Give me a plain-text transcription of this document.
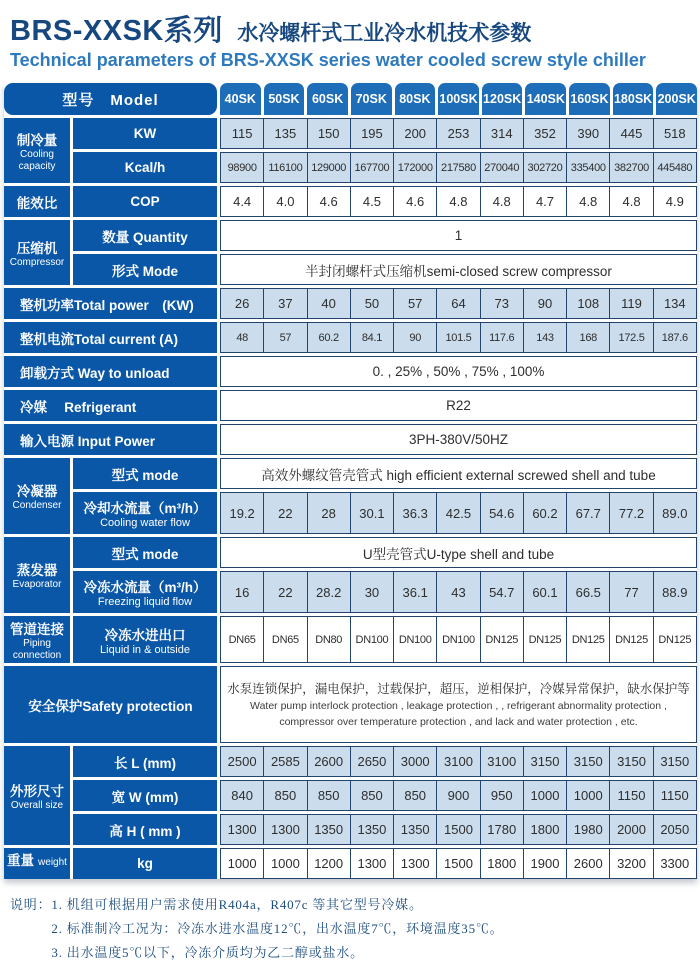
BRS-XXSK系列 水冷螺杆式工业冷水机技术参数
Technical parameters of BRS-XXSK series water cooled screw style chiller
型号　Model	40SK 50SK 60SK 70SK 80SK 100SK 120SK 140SK 160SK 180SK 200SK
制冷量
Cooling capacity
KW	115	135	150	195	200	253	314	352	390	445	518
Kcal/h	98900	116100 129000 167700 172000 217580 270040 302720 335400 382700 445480
能效比	COP	4.4	4.0	4.6	4.5	4.6	4.8	4.8	4.7	4.8	4.8	4.9
压缩机
Compressor
数量 Quantity	1
形式 Mode	半封闭螺杆式压缩机semi-closed screw compressor
整机功率Total power　(KW)	26	37	40	50	57	64	73	90	108	119	134
整机电流Total current (A)	48	57	60.2	84.1	90	101.5	117.6	143	168	172.5	187.6
卸载方式 Way to unload	0. , 25% , 50% , 75% , 100%
冷媒　 Refrigerant	R22
输入电源 Input Power	3PH-380V/50HZ
冷凝器
Condenser
型式 mode	高效外螺纹管壳管式 high efficient external screwed shell and tube
冷却水流量（m³/h）
Cooling water flow
19.2	22	28	30.1	36.3	42.5	54.6	60.2	67.7	77.2	89.0
蒸发器
Evaporator
型式 mode	U型壳管式U-type shell and tube
冷冻水流量（m³/h）
Freezing liquid flow
16	22	28.2	30	36.1	43	54.7	60.1	66.5	77	88.9
管道连接
Piping connection
冷冻水进出口
Liquid in & outside
DN65	DN65	DN80	DN100 DN100 DN100 DN125 DN125 DN125 DN125 DN125
安全保护Safety protection
水泵连锁保护，漏电保护，过载保护，超压，逆相保护，冷媒异常保护，缺水保护等
Water pump interlock protection , leakage protection , , refrigerant abnormality protection , compressor over temperature protection , and lack and water protection , etc.
外形尺寸
Overall size
长 L (mm)	2500	2585	2600	2650	3000	3100	3100	3150	3150	3150	3150
宽 W (mm)	840	850	850	850	850	900	950	1000	1000	1150	1150
高 H ( mm )	1300	1300	1350	1350	1350	1500	1780	1800	1980	2000	2050
重量 weight	kg	1000	1000	1200	1300	1300	1500	1800	1900	2600	3200	3300
说明： 1. 机组可根据用户需求使用R404a，R407c 等其它型号冷媒。
2. 标准制冷工况为：冷冻水进水温度12℃，出水温度7℃，环境温度35℃。
3. 出水温度5℃以下，冷冻介质均为乙二醇或盐水。
